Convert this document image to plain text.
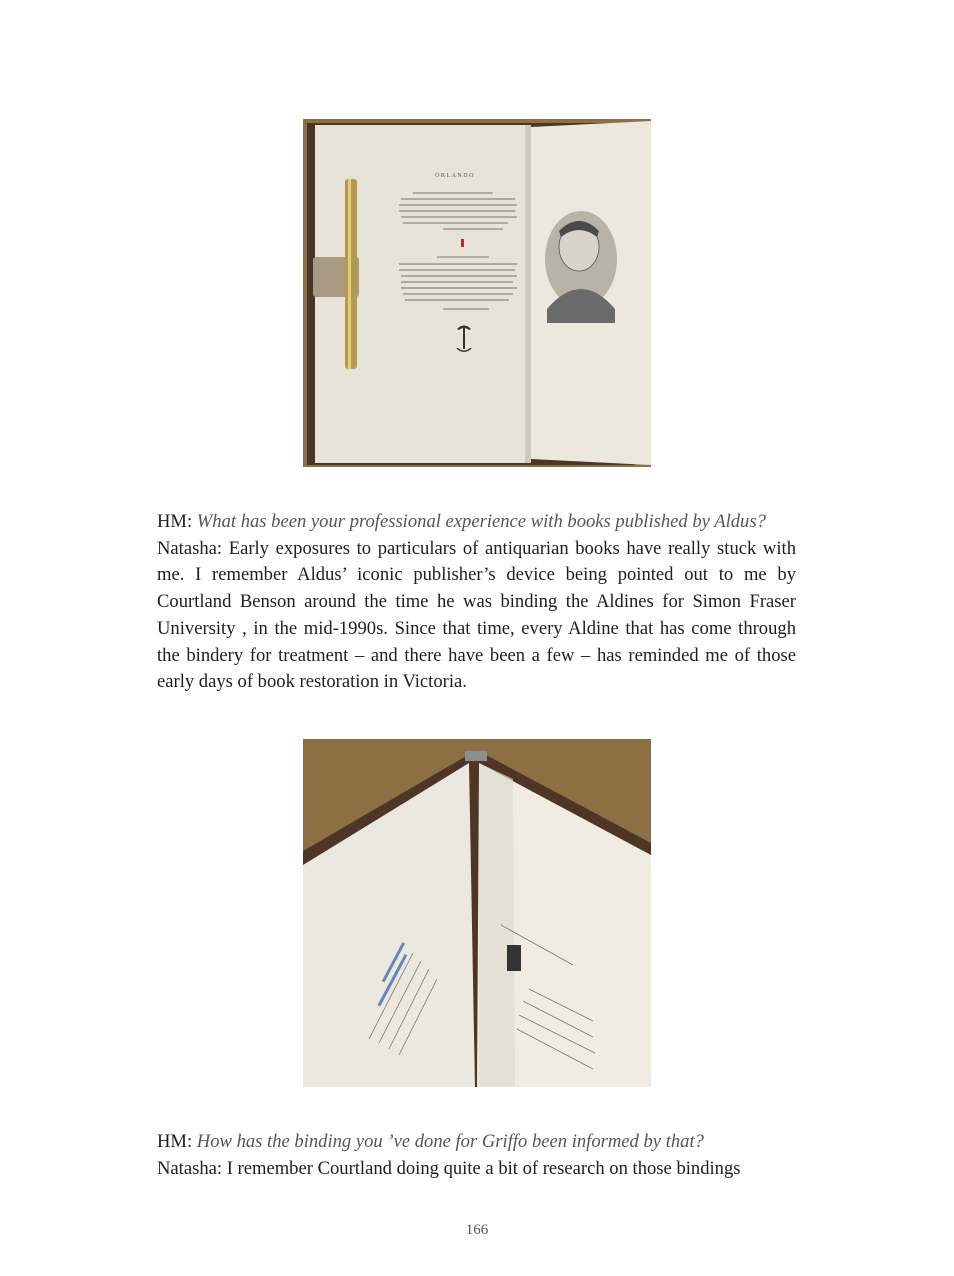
ORLANDO

HM: What has been your professional experience with books published by Aldus?

Natasha: Early exposures to particulars of antiquarian books have really stuck with me. I remember Aldus’ iconic publisher’s device being pointed out to me by Courtland Benson around the time he was binding the Aldines for Simon Fraser University , in the mid-1990s. Since that time, every Aldine that has come through the bindery for treatment – and there have been a few – has reminded me of those early days of book restoration in Victoria.

HM: How has the binding you ’ve done for Griffo been informed by that?

Natasha: I remember Courtland doing quite a bit of research on those bindings

166
